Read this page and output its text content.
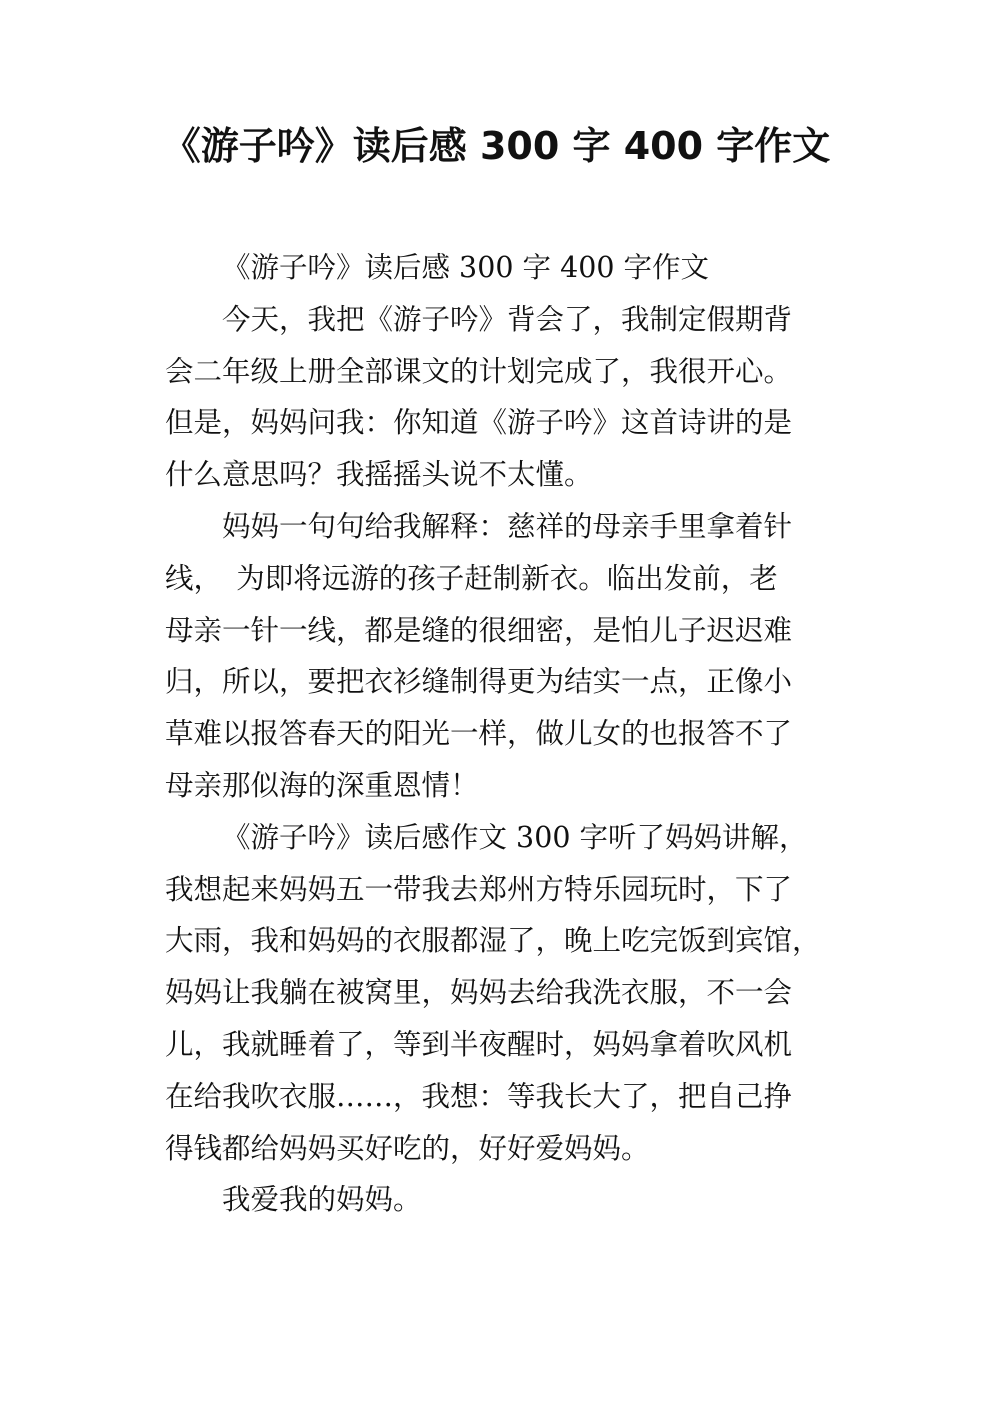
《游子吟》读后感 300 字 400 字作文

《游子吟》读后感 300 字 400 字作文

今天，我把《游子吟》背会了，我制定假期背
会二年级上册全部课文的计划完成了，我很开心。
但是，妈妈问我：你知道《游子吟》这首诗讲的是
什么意思吗？我摇摇头说不太懂。

妈妈一句句给我解释：慈祥的母亲手里拿着针
线，　为即将远游的孩子赶制新衣。临出发前，老
母亲一针一线，都是缝的很细密，是怕儿子迟迟难
归，所以，要把衣衫缝制得更为结实一点，正像小
草难以报答春天的阳光一样，做儿女的也报答不了
母亲那似海的深重恩情！

《游子吟》读后感作文 300 字听了妈妈讲解，
我想起来妈妈五一带我去郑州方特乐园玩时，下了
大雨，我和妈妈的衣服都湿了，晚上吃完饭到宾馆，
妈妈让我躺在被窝里，妈妈去给我洗衣服，不一会
儿，我就睡着了，等到半夜醒时，妈妈拿着吹风机
在给我吹衣服……，我想：等我长大了，把自己挣
得钱都给妈妈买好吃的，好好爱妈妈。

我爱我的妈妈。
